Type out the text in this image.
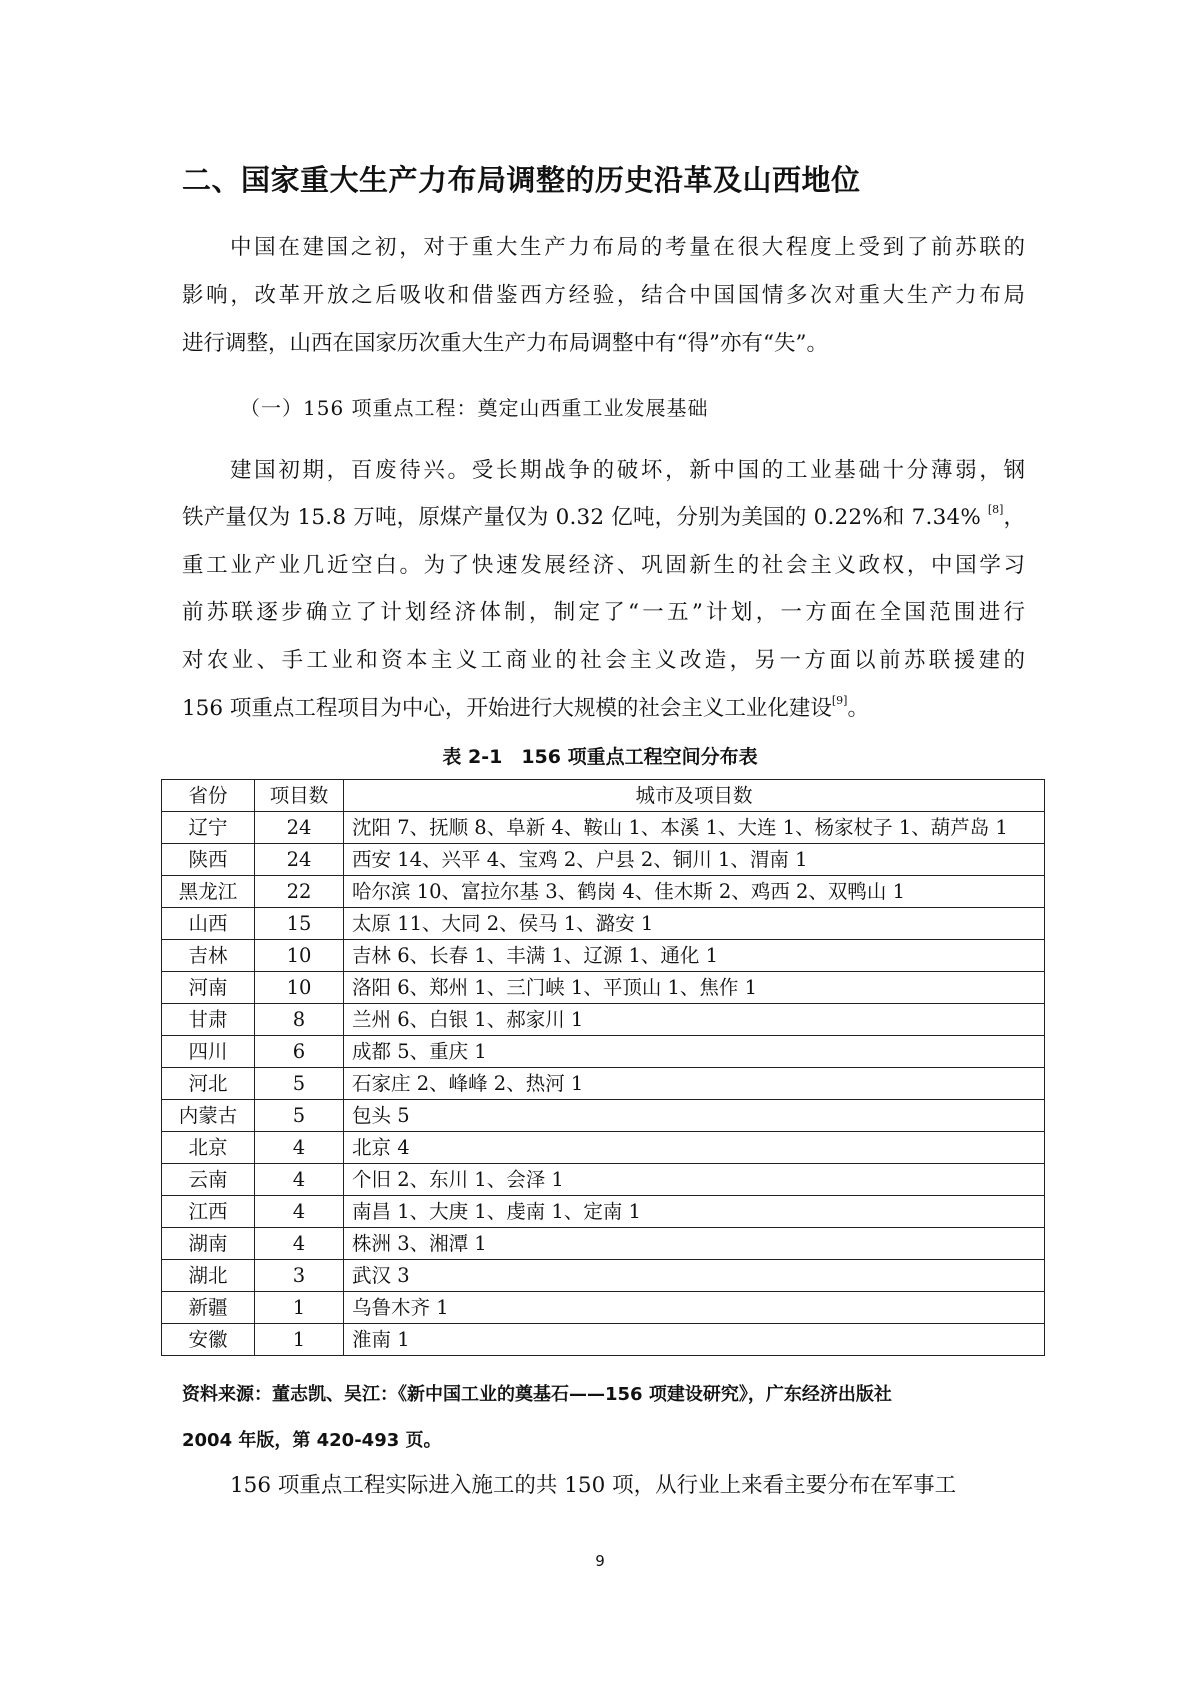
二、国家重大生产力布局调整的历史沿革及山西地位
中国在建国之初，对于重大生产力布局的考量在很大程度上受到了前苏联的
影响，改革开放之后吸收和借鉴西方经验，结合中国国情多次对重大生产力布局
进行调整，山西在国家历次重大生产力布局调整中有“得”亦有“失”。
（一）156 项重点工程：奠定山西重工业发展基础
建国初期，百废待兴。受长期战争的破坏，新中国的工业基础十分薄弱，钢
铁产量仅为 15.8 万吨，原煤产量仅为 0.32 亿吨，分别为美国的 0.22%和 7.34% [8]，
重工业产业几近空白。为了快速发展经济、巩固新生的社会主义政权，中国学习
前苏联逐步确立了计划经济体制，制定了“一五”计划，一方面在全国范围进行
对农业、手工业和资本主义工商业的社会主义改造，另一方面以前苏联援建的
156 项重点工程项目为中心，开始进行大规模的社会主义工业化建设[9]。
表 2-1　156 项重点工程空间分布表
省份	项目数	城市及项目数
辽宁	24	沈阳 7、抚顺 8、阜新 4、鞍山 1、本溪 1、大连 1、杨家杖子 1、葫芦岛 1
陕西	24	西安 14、兴平 4、宝鸡 2、户县 2、铜川 1、渭南 1
黑龙江	22	哈尔滨 10、富拉尔基 3、鹤岗 4、佳木斯 2、鸡西 2、双鸭山 1
山西	15	太原 11、大同 2、侯马 1、潞安 1
吉林	10	吉林 6、长春 1、丰满 1、辽源 1、通化 1
河南	10	洛阳 6、郑州 1、三门峡 1、平顶山 1、焦作 1
甘肃	8	兰州 6、白银 1、郝家川 1
四川	6	成都 5、重庆 1
河北	5	石家庄 2、峰峰 2、热河 1
内蒙古	5	包头 5
北京	4	北京 4
云南	4	个旧 2、东川 1、会泽 1
江西	4	南昌 1、大庚 1、虔南 1、定南 1
湖南	4	株洲 3、湘潭 1
湖北	3	武汉 3
新疆	1	乌鲁木齐 1
安徽	1	淮南 1
资料来源：董志凯、吴江：《新中国工业的奠基石——156 项建设研究》，广东经济出版社
2004 年版，第 420-493 页。
156 项重点工程实际进入施工的共 150 项，从行业上来看主要分布在军事工
9
